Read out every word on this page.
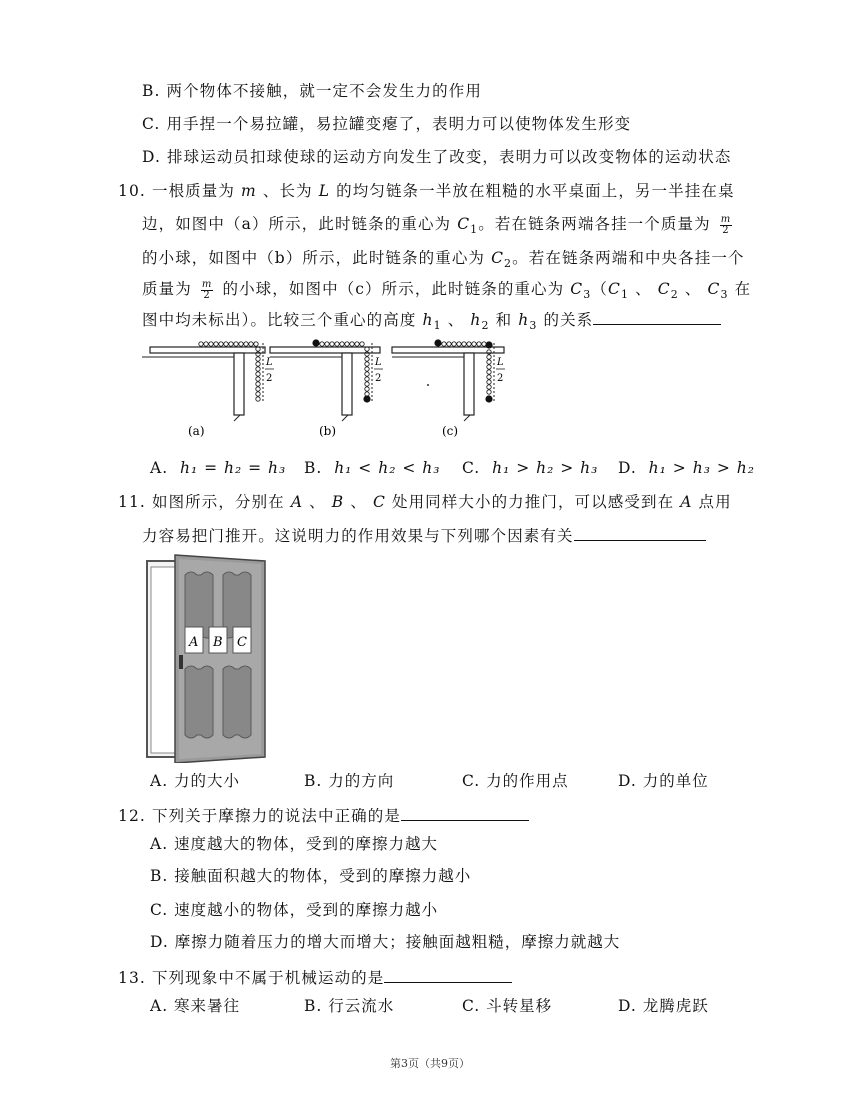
B. 两个物体不接触，就一定不会发生力的作用
C. 用手捏一个易拉罐，易拉罐变瘪了，表明力可以使物体发生形变
D. 排球运动员扣球使球的运动方向发生了改变，表明力可以改变物体的运动状态
10. 一根质量为 m 、长为 L 的均匀链条一半放在粗糙的水平桌面上，另一半挂在桌
边，如图中（a）所示，此时链条的重心为 $C_1$。若在链条两端各挂一个质量为 $\frac{m}{2}$
的小球，如图中（b）所示，此时链条的重心为 $C_2$。若在链条两端和中央各挂一个
质量为 $\frac{m}{2}$ 的小球，如图中（c）所示，此时链条的重心为 $C_3(C_1$ 、 $C_2$ 、 $C_3$ 在
图中均未标出）。比较三个重心的高度 $h_1$ 、 $h_2$ 和 $h_3$ 的关系
L
2
(a)
L
2
(b)
L
2
(c)
A. h₁ = h₂ = h₃ B. h₁ < h₂ < h₃ C. h₁ > h₂ > h₃ D. h₁ > h₃ > h₂
11. 如图所示，分别在 A 、 B 、 C 处用同样大小的力推门，可以感受到在 A 点用
力容易把门推开。这说明力的作用效果与下列哪个因素有关
A B C
A. 力的大小	B. 力的方向	C. 力的作用点	D. 力的单位
12. 下列关于摩擦力的说法中正确的是
A. 速度越大的物体，受到的摩擦力越大
B. 接触面积越大的物体，受到的摩擦力越小
C. 速度越小的物体，受到的摩擦力越小
D. 摩擦力随着压力的增大而增大；接触面越粗糙，摩擦力就越大
13. 下列现象中不属于机械运动的是
A. 寒来暑往	B. 行云流水	C. 斗转星移	D. 龙腾虎跃
第3页（共9页）
